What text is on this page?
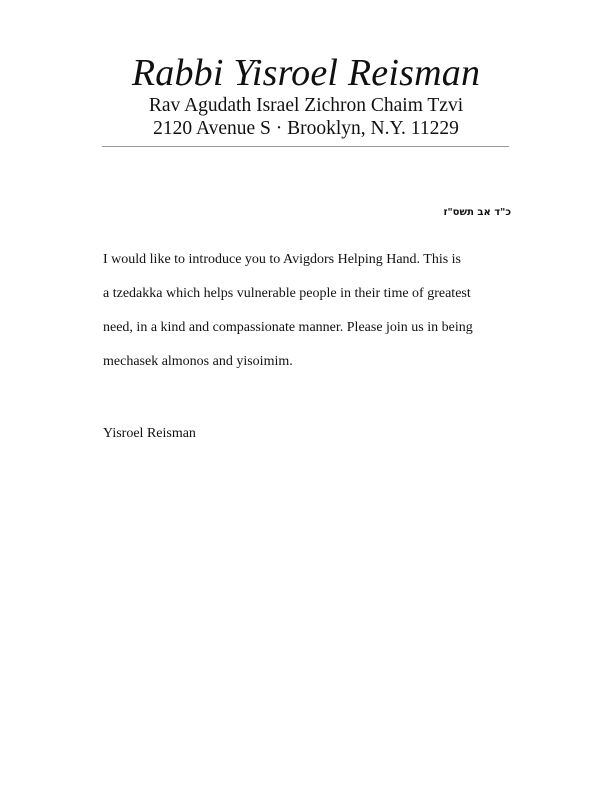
Rabbi Yisroel Reisman

Rav Agudath Israel Zichron Chaim Tzvi

2120 Avenue S · Brooklyn, N.Y. 11229

כ"ד אב תשס"ז
I would like to introduce you to Avigdors Helping Hand. This is
a tzedakka which helps vulnerable people in their time of greatest
need, in a kind and compassionate manner. Please join us in being
mechasek almonos and yisoimim.
Yisroel Reisman
